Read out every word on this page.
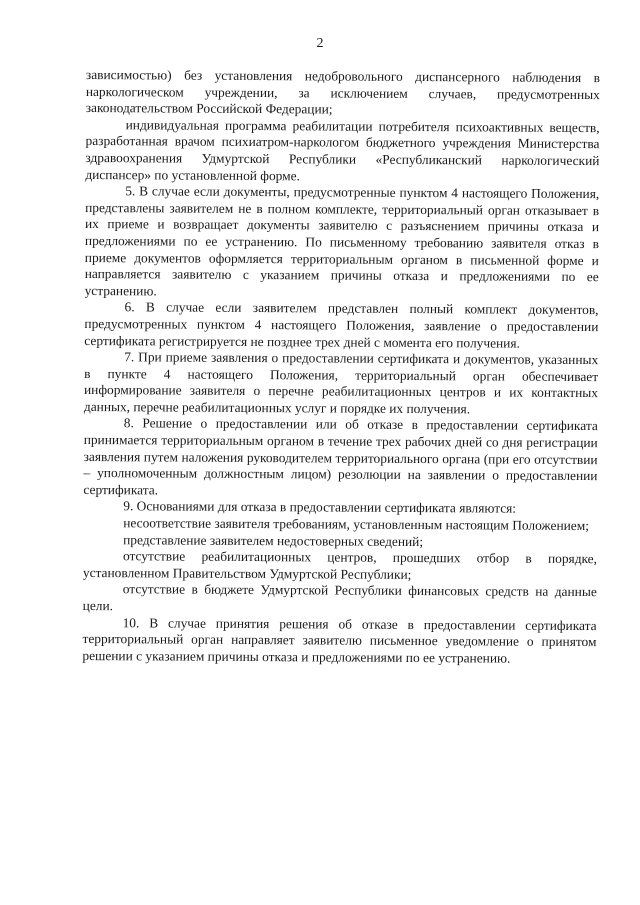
2

зависимостью) без установления недобровольного диспансерного наблюдения в наркологическом учреждении, за исключением случаев, предусмотренных законодательством Российской Федерации;

индивидуальная программа реабилитации потребителя психоактивных веществ, разработанная врачом психиатром-наркологом бюджетного учреждения Министерства здравоохранения Удмуртской Республики «Республиканский наркологический диспансер» по установленной форме.

5. В случае если документы, предусмотренные пунктом 4 настоящего Положения, представлены заявителем не в полном комплекте, территориальный орган отказывает в их приеме и возвращает документы заявителю с разъяснением причины отказа и предложениями по ее устранению. По письменному требованию заявителя отказ в приеме документов оформляется территориальным органом в письменной форме и направляется заявителю с указанием причины отказа и предложениями по ее устранению.

6. В случае если заявителем представлен полный комплект документов, предусмотренных пунктом 4 настоящего Положения, заявление о предоставлении сертификата регистрируется не позднее трех дней с момента его получения.

7. При приеме заявления о предоставлении сертификата и документов, указанных в пункте 4 настоящего Положения, территориальный орган обеспечивает информирование заявителя о перечне реабилитационных центров и их контактных данных, перечне реабилитационных услуг и порядке их получения.

8. Решение о предоставлении или об отказе в предоставлении сертификата принимается территориальным органом в течение трех рабочих дней со дня регистрации заявления путем наложения руководителем территориального органа (при его отсутствии – уполномоченным должностным лицом) резолюции на заявлении о предоставлении сертификата.

9. Основаниями для отказа в предоставлении сертификата являются:

несоответствие заявителя требованиям, установленным настоящим Положением;

представление заявителем недостоверных сведений;

отсутствие реабилитационных центров, прошедших отбор в порядке, установленном Правительством Удмуртской Республики;

отсутствие в бюджете Удмуртской Республики финансовых средств на данные цели.

10. В случае принятия решения об отказе в предоставлении сертификата территориальный орган направляет заявителю письменное уведомление о принятом решении с указанием причины отказа и предложениями по ее устранению.
